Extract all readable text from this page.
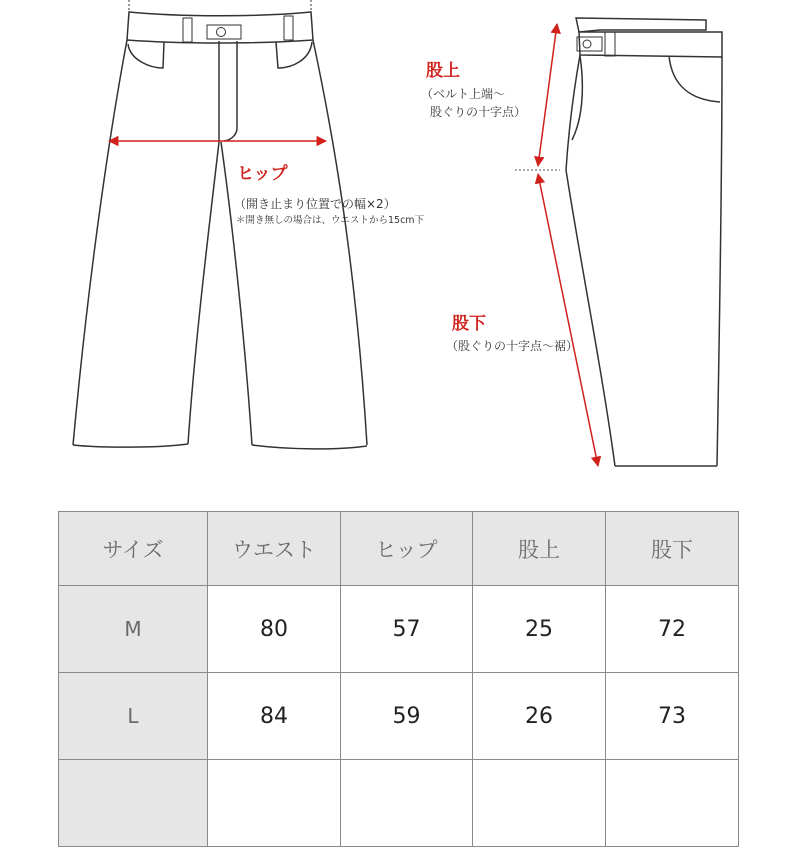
ヒップ
（開き止まり位置での幅×2）
＊開き無しの場合は、ウエストから15cm下
股上
（ベルト上端～
股ぐりの十字点）
股下
（股ぐりの十字点～裾）
サイズ	ウエスト	ヒップ	股上	股下
M	80	57	25	72
L	84	59	26	73
